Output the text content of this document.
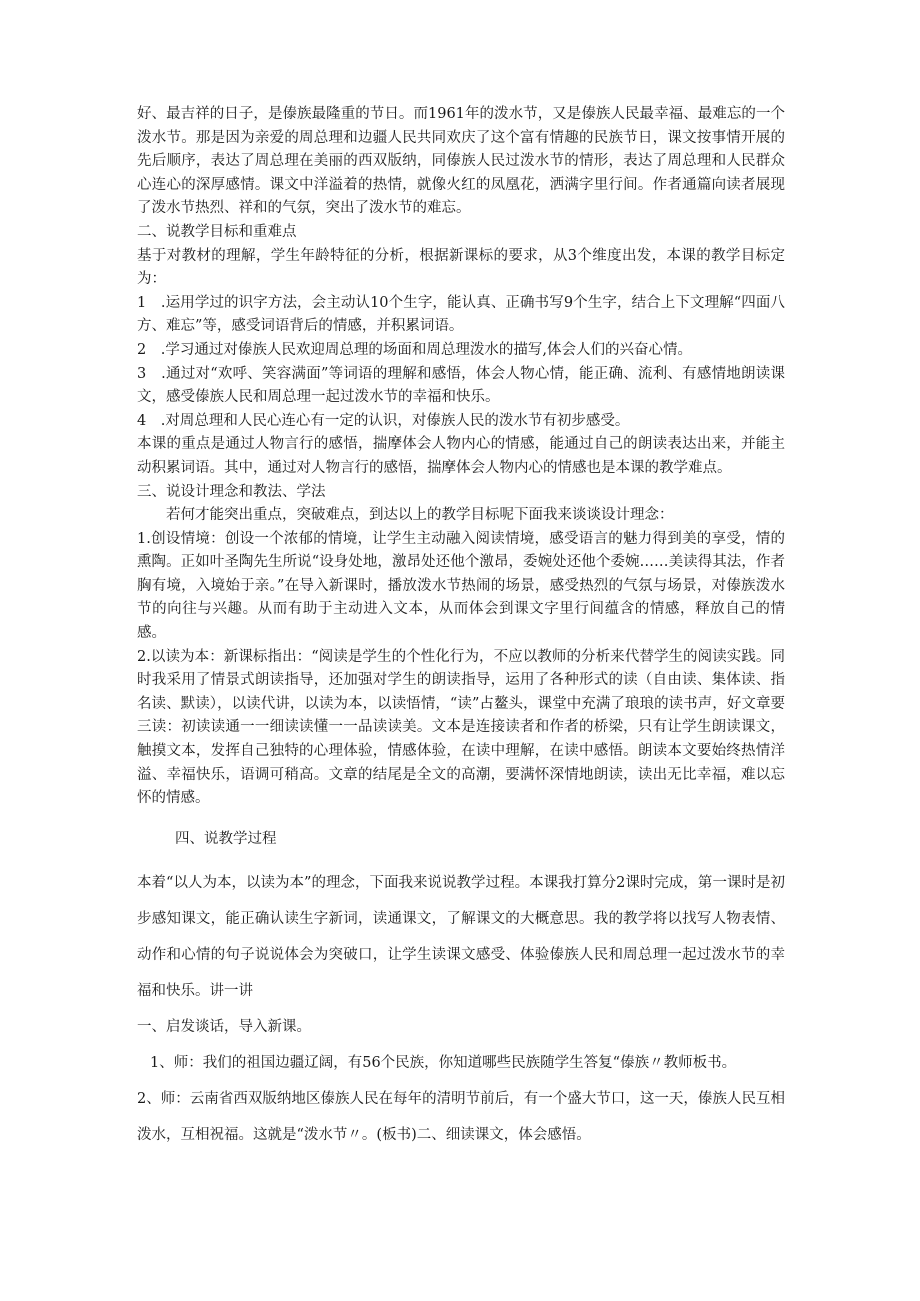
好、最吉祥的日子，是傣族最隆重的节日。而1961年的泼水节，又是傣族人民最幸福、最难忘的一个泼水节。那是因为亲爱的周总理和边疆人民共同欢庆了这个富有情趣的民族节日，课文按事情开展的先后顺序，表达了周总理在美丽的西双版纳，同傣族人民过泼水节的情形，表达了周总理和人民群众心连心的深厚感情。课文中洋溢着的热情，就像火红的凤凰花，洒满字里行间。作者通篇向读者展现了泼水节热烈、祥和的气氛，突出了泼水节的难忘。

二、说教学目标和重难点

基于对教材的理解，学生年龄特征的分析，根据新课标的要求，从3个维度出发，本课的教学目标定为：

1　.运用学过的识字方法，会主动认10个生字，能认真、正确书写9个生字，结合上下文理解“四面八方、难忘”等，感受词语背后的情感，并积累词语。

2　.学习通过对傣族人民欢迎周总理的场面和周总理泼水的描写,体会人们的兴奋心情。

3　.通过对“欢呼、笑容满面”等词语的理解和感悟，体会人物心情，能正确、流利、有感情地朗读课文，感受傣族人民和周总理一起过泼水节的幸福和快乐。

4　.对周总理和人民心连心有一定的认识，对傣族人民的泼水节有初步感受。

本课的重点是通过人物言行的感悟，揣摩体会人物内心的情感，能通过自己的朗读表达出来，并能主动积累词语。其中，通过对人物言行的感悟，揣摩体会人物内心的情感也是本课的教学难点。

三、说设计理念和教法、学法

若何才能突出重点，突破难点，到达以上的教学目标呢下面我来谈谈设计理念：

1.创设情境：创设一个浓郁的情境，让学生主动融入阅读情境，感受语言的魅力得到美的享受，情的熏陶。正如叶圣陶先生所说“设身处地，激昂处还他个激昂，委婉处还他个委婉……美读得其法，作者胸有境，入境始于亲。”在导入新课时，播放泼水节热闹的场景，感受热烈的气氛与场景，对傣族泼水节的向往与兴趣。从而有助于主动进入文本，从而体会到课文字里行间蕴含的情感，释放自己的情感。

2.以读为本：新课标指出：“阅读是学生的个性化行为，不应以教师的分析来代替学生的阅读实践。同时我采用了情景式朗读指导，还加强对学生的朗读指导，运用了各种形式的读（自由读、集体读、指名读、默读），以读代讲，以读为本，以读悟情，“读”占鳌头，课堂中充满了琅琅的读书声，好文章要三读：初读读通一一细读读懂一一品读读美。文本是连接读者和作者的桥梁，只有让学生朗读课文，触摸文本，发挥自己独特的心理体验，情感体验，在读中理解，在读中感悟。朗读本文要始终热情洋溢、幸福快乐，语调可稍高。文章的结尾是全文的高潮，要满怀深情地朗读，读出无比幸福，难以忘怀的情感。

四、说教学过程

本着“以人为本，以读为本”的理念，下面我来说说教学过程。本课我打算分2课时完成，第一课时是初步感知课文，能正确认读生字新词，读通课文，了解课文的大概意思。我的教学将以找写人物表情、动作和心情的句子说说体会为突破口，让学生读课文感受、体验傣族人民和周总理一起过泼水节的幸福和快乐。讲一讲

一、启发谈话，导入新课。

1、师：我们的祖国边疆辽阔，有56个民族，你知道哪些民族随学生答复“傣族〃教师板书。

2、师：云南省西双版纳地区傣族人民在每年的清明节前后，有一个盛大节口，这一天，傣族人民互相泼水，互相祝福。这就是“泼水节〃。(板书)二、细读课文，体会感悟。
